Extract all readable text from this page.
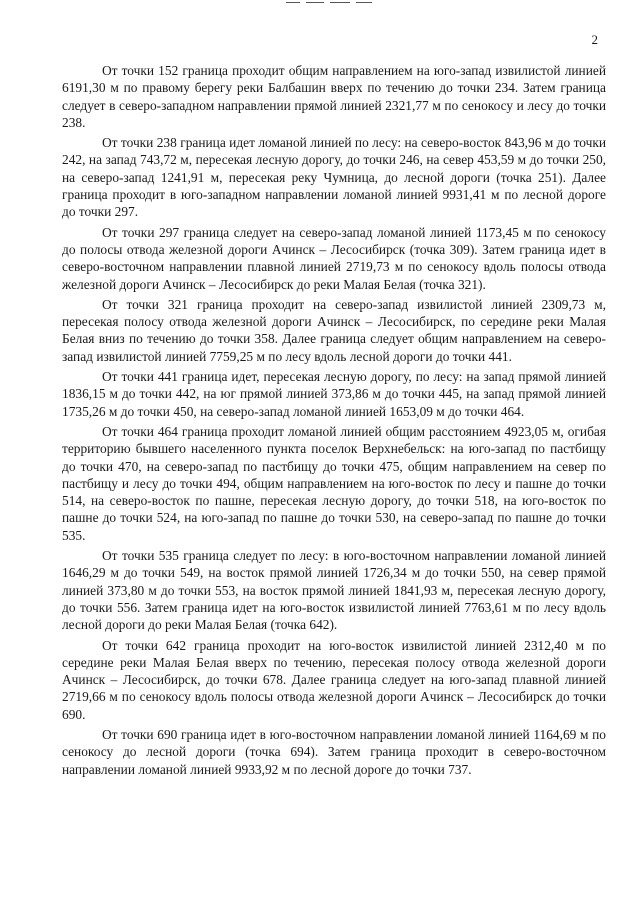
2

От точки 152 граница проходит общим направлением на юго-запад извилистой линией 6191,30 м по правому берегу реки Балбашин вверх по течению до точки 234. Затем граница следует в северо-западном направлении прямой линией 2321,77 м по сенокосу и лесу до точки 238.

От точки 238 граница идет ломаной линией по лесу: на северо-восток 843,96 м до точки 242, на запад 743,72 м, пересекая лесную дорогу, до точки 246, на север 453,59 м до точки 250, на северо-запад 1241,91 м, пересекая реку Чумница, до лесной дороги (точка 251). Далее граница проходит в юго-западном направлении ломаной линией 9931,41 м по лесной дороге до точки 297.

От точки 297 граница следует на северо-запад ломаной линией 1173,45 м по сенокосу до полосы отвода железной дороги Ачинск – Лесосибирск (точка 309). Затем граница идет в северо-восточном направлении плавной линией 2719,73 м по сенокосу вдоль полосы отвода железной дороги Ачинск – Лесосибирск до реки Малая Белая (точка 321).

От точки 321 граница проходит на северо-запад извилистой линией 2309,73 м, пересекая полосу отвода железной дороги Ачинск – Лесосибирск, по середине реки Малая Белая вниз по течению до точки 358. Далее граница следует общим направлением на северо-запад извилистой линией 7759,25 м по лесу вдоль лесной дороги до точки 441.

От точки 441 граница идет, пересекая лесную дорогу, по лесу: на запад прямой линией 1836,15 м до точки 442, на юг прямой линией 373,86 м до точки 445, на запад прямой линией 1735,26 м до точки 450, на северо-запад ломаной линией 1653,09 м до точки 464.

От точки 464 граница проходит ломаной линией общим расстоянием 4923,05 м, огибая территорию бывшего населенного пункта поселок Верхнебельск: на юго-запад по пастбищу до точки 470, на северо-запад по пастбищу до точки 475, общим направлением на север по пастбищу и лесу до точки 494, общим направлением на юго-восток по лесу и пашне до точки 514, на северо-восток по пашне, пересекая лесную дорогу, до точки 518, на юго-восток по пашне до точки 524, на юго-запад по пашне до точки 530, на северо-запад по пашне до точки 535.

От точки 535 граница следует по лесу: в юго-восточном направлении ломаной линией 1646,29 м до точки 549, на восток прямой линией 1726,34 м до точки 550, на север прямой линией 373,80 м до точки 553, на восток прямой линией 1841,93 м, пересекая лесную дорогу, до точки 556. Затем граница идет на юго-восток извилистой линией 7763,61 м по лесу вдоль лесной дороги до реки Малая Белая (точка 642).

От точки 642 граница проходит на юго-восток извилистой линией 2312,40 м по середине реки Малая Белая вверх по течению, пересекая полосу отвода железной дороги Ачинск – Лесосибирск, до точки 678. Далее граница следует на юго-запад плавной линией 2719,66 м по сенокосу вдоль полосы отвода железной дороги Ачинск – Лесосибирск до точки 690.

От точки 690 граница идет в юго-восточном направлении ломаной линией 1164,69 м по сенокосу до лесной дороги (точка 694). Затем граница проходит в северо-восточном направлении ломаной линией 9933,92 м по лесной дороге до точки 737.
